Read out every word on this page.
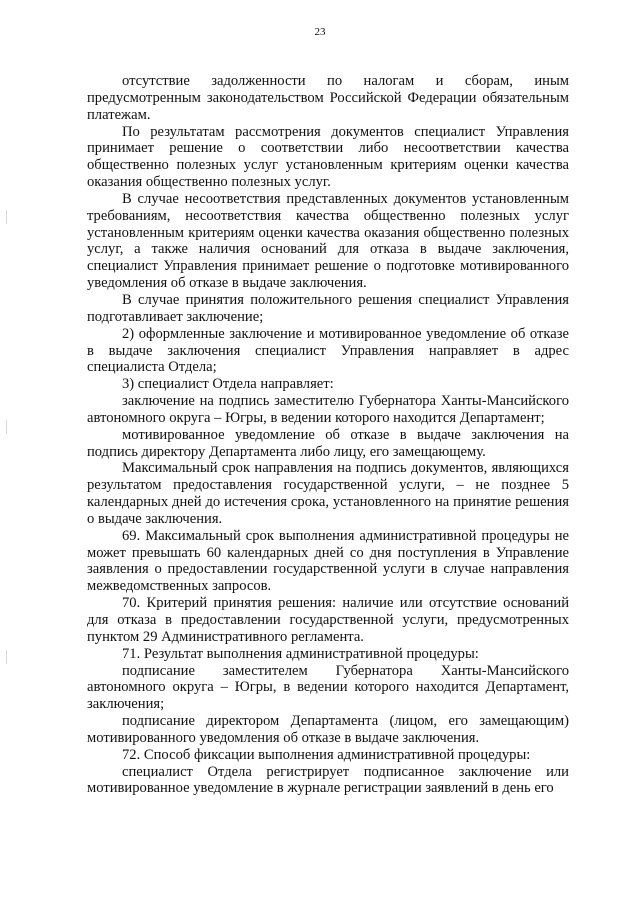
23

отсутствие задолженности по налогам и сборам, иным предусмотренным законодательством Российской Федерации обязательным платежам.

По результатам рассмотрения документов специалист Управления принимает решение о соответствии либо несоответствии качества общественно полезных услуг установленным критериям оценки качества оказания общественно полезных услуг.

В случае несоответствия представленных документов установленным требованиям, несоответствия качества общественно полезных услуг установленным критериям оценки качества оказания общественно полезных услуг, а также наличия оснований для отказа в выдаче заключения, специалист Управления принимает решение о подготовке мотивированного уведомления об отказе в выдаче заключения.

В случае принятия положительного решения специалист Управления подготавливает заключение;

2) оформленные заключение и мотивированное уведомление об отказе в выдаче заключения специалист Управления направляет в адрес специалиста Отдела;

3) специалист Отдела направляет:

заключение на подпись заместителю Губернатора Ханты-Мансийского автономного округа – Югры, в ведении которого находится Департамент;

мотивированное уведомление об отказе в выдаче заключения на подпись директору Департамента либо лицу, его замещающему.

Максимальный срок направления на подпись документов, являющихся результатом предоставления государственной услуги, – не позднее 5 календарных дней до истечения срока, установленного на принятие решения о выдаче заключения.

69. Максимальный срок выполнения административной процедуры не может превышать 60 календарных дней со дня поступления в Управление заявления о предоставлении государственной услуги в случае направления межведомственных запросов.

70. Критерий принятия решения: наличие или отсутствие оснований для отказа в предоставлении государственной услуги, предусмотренных пунктом 29 Административного регламента.

71. Результат выполнения административной процедуры:

подписание заместителем Губернатора Ханты-Мансийского автономного округа – Югры, в ведении которого находится Департамент, заключения;

подписание директором Департамента (лицом, его замещающим) мотивированного уведомления об отказе в выдаче заключения.

72. Способ фиксации выполнения административной процедуры:

специалист Отдела регистрирует подписанное заключение или мотивированное уведомление в журнале регистрации заявлений в день его
